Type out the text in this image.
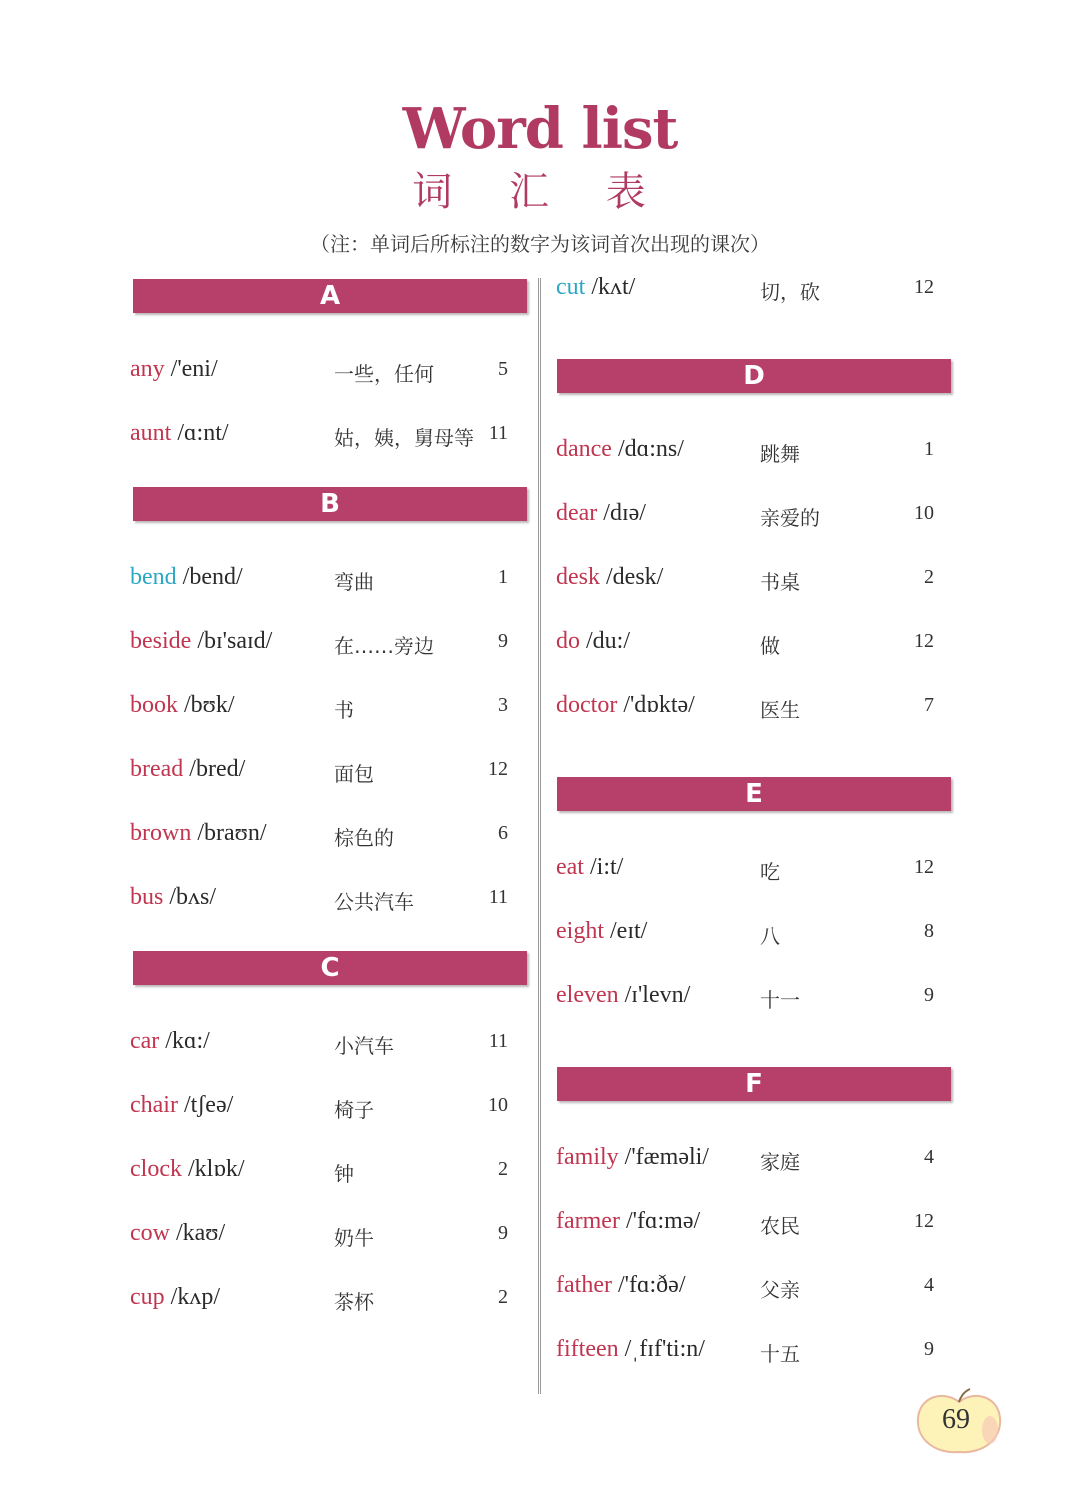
Word list
词 汇 表
（注：单词后所标注的数字为该词首次出现的课次）
A
any /'eni/	一些，任何	5
aunt /ɑ:nt/	姑，姨，舅母等 11
B
bend /bend/	弯曲	1
beside /bɪ'saɪd/	在……旁边	9
book /bʊk/	书	3
bread /bred/	面包	12
brown /braʊn/	棕色的	6
bus /bʌs/	公共汽车	11
C
car /kɑ:/	小汽车	11
chair /tʃeə/	椅子	10
clock /klɒk/	钟	2
cow /kaʊ/	奶牛	9
cup /kʌp/	茶杯	2
cut /kʌt/	切，砍	12
D
dance /dɑ:ns/	跳舞	1
dear /dɪə/	亲爱的	10
desk /desk/	书桌	2
do /du:/	做	12
doctor /'dɒktə/	医生	7
E
eat /i:t/	吃	12
eight /eɪt/	八	8
eleven /ɪ'levn/	十一	9
F
family /'fæməli/	家庭	4
farmer /'fɑ:mə/	农民	12
father /'fɑ:ðə/	父亲	4
fifteen /ˌfɪf'ti:n/	十五	9
69
